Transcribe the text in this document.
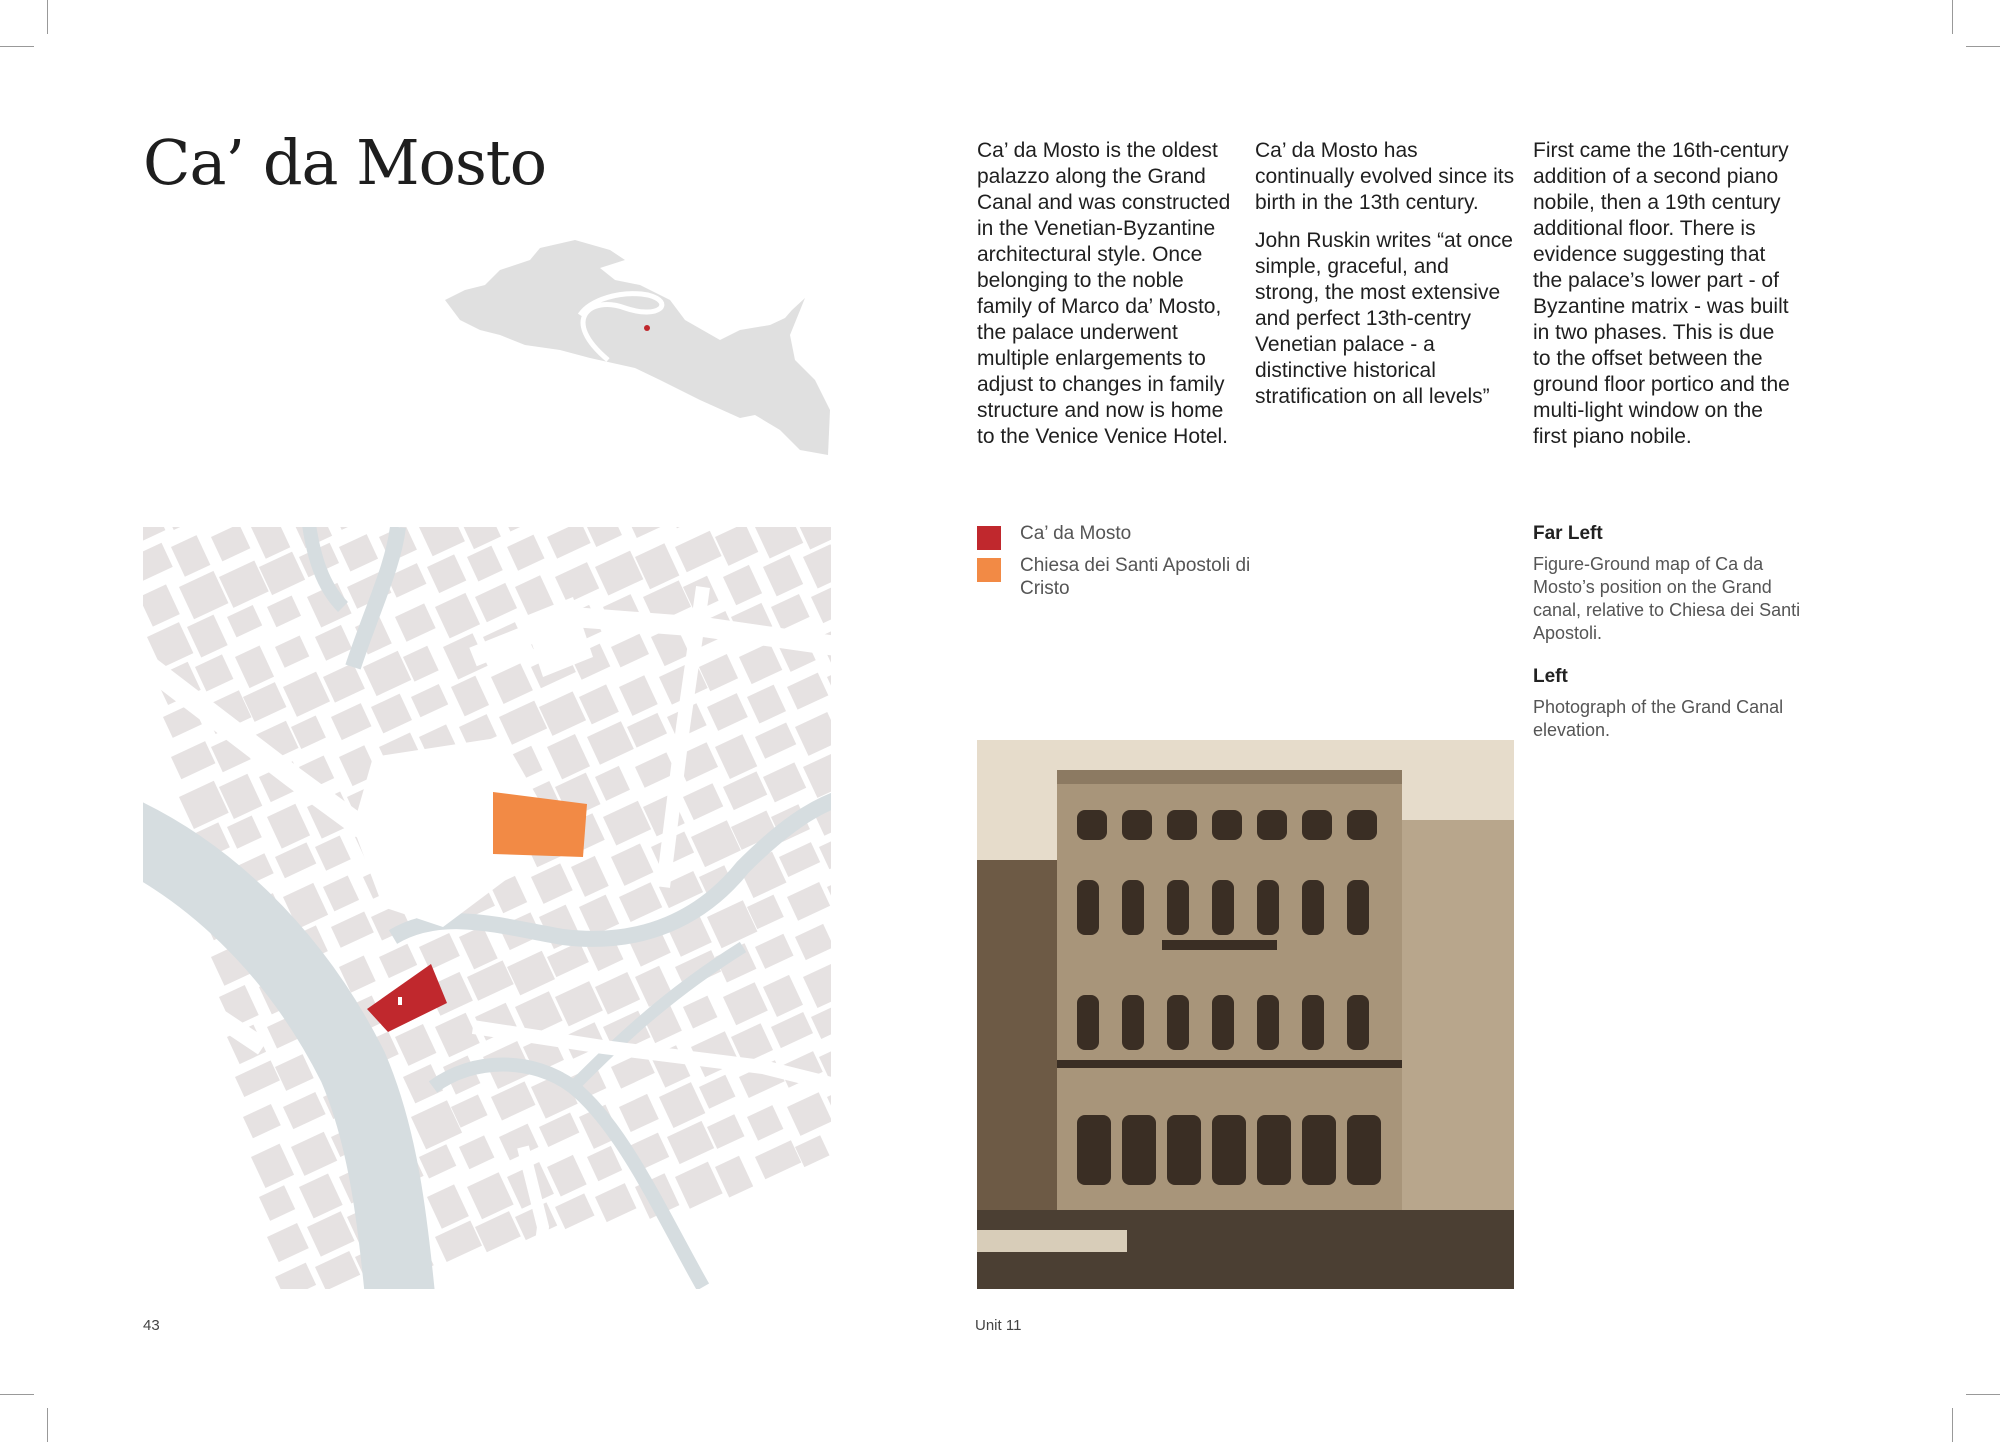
Ca’ da Mosto	Ca’ da Mosto is the oldest palazzo along the Grand Canal and was constructed in the Venetian-Byzantine architectural style. Once belonging to the noble family of Marco da’ Mosto, the palace underwent multiple enlargements to adjust to changes in family structure and now is home to the Venice Venice Hotel.

Ca’ da Mosto has continually evolved since its birth in the 13th century.

John Ruskin writes “at once simple, graceful, and strong, the most extensive and perfect 13th-centry Venetian palace - a distinctive historical stratification on all levels”

First came the 16th-century addition of a second piano nobile, then a 19th century additional floor. There is evidence suggesting that the palace’s lower part - of Byzantine matrix - was built in two phases. This is due to the offset between the ground floor portico and the multi-light window on the first piano nobile.

Ca’ da Mosto
Chiesa dei Santi Apostoli di Cristo

Far Left

Figure-Ground map of Ca da Mosto’s position on the Grand canal, relative to Chiesa dei Santi Apostoli.

Left

Photograph of the Grand Canal elevation.

43	Unit 11
